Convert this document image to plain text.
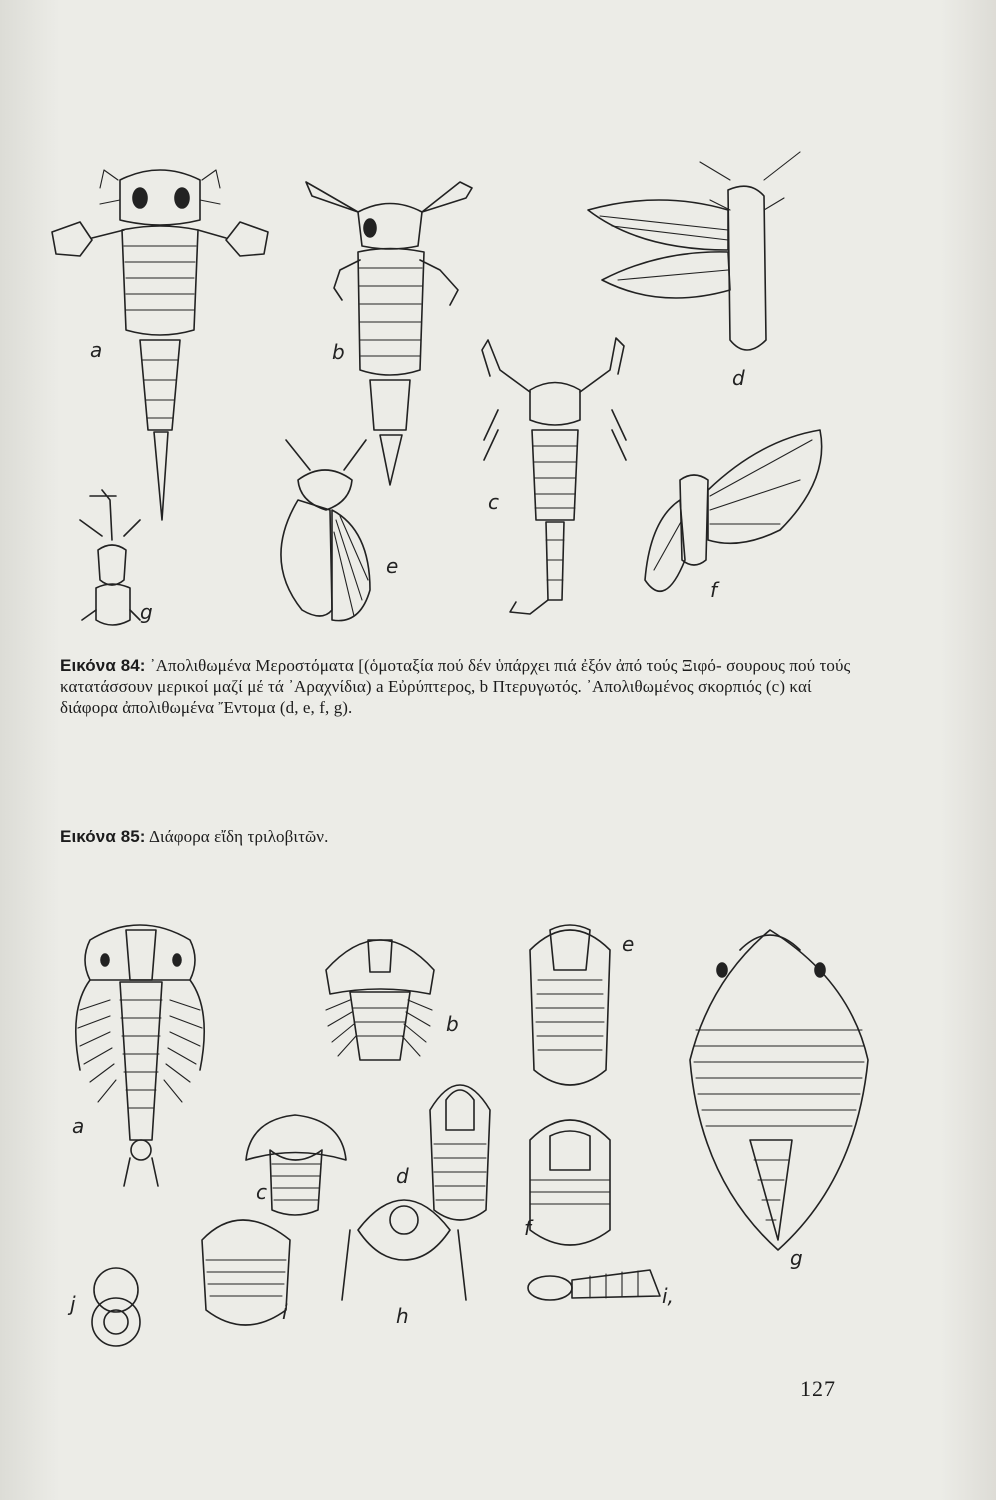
a	b
c
d
e
f
g
Εικόνα 84: ᾿Απολιθωμένα Μεροστόματα [(ὁμοταξία πού δέν ὑπάρχει πιά ἐξόν ἀπό τούς Ξιφό- σουρους πού τούς κατατάσσουν μερικοί μαζί μέ τά ᾿Αραχνίδια) a Εὐρύπτερος, b Πτερυγωτός. ᾿Απολιθωμένος σκορπιός (c) καί διάφορα ἀπολιθωμένα Ἔντομα (d, e, f, g).
Εικόνα 85: Διάφορα εἴδη τριλοβιτῶν.
a
b
c
d
e
f
g
h
i
i,
j
127
